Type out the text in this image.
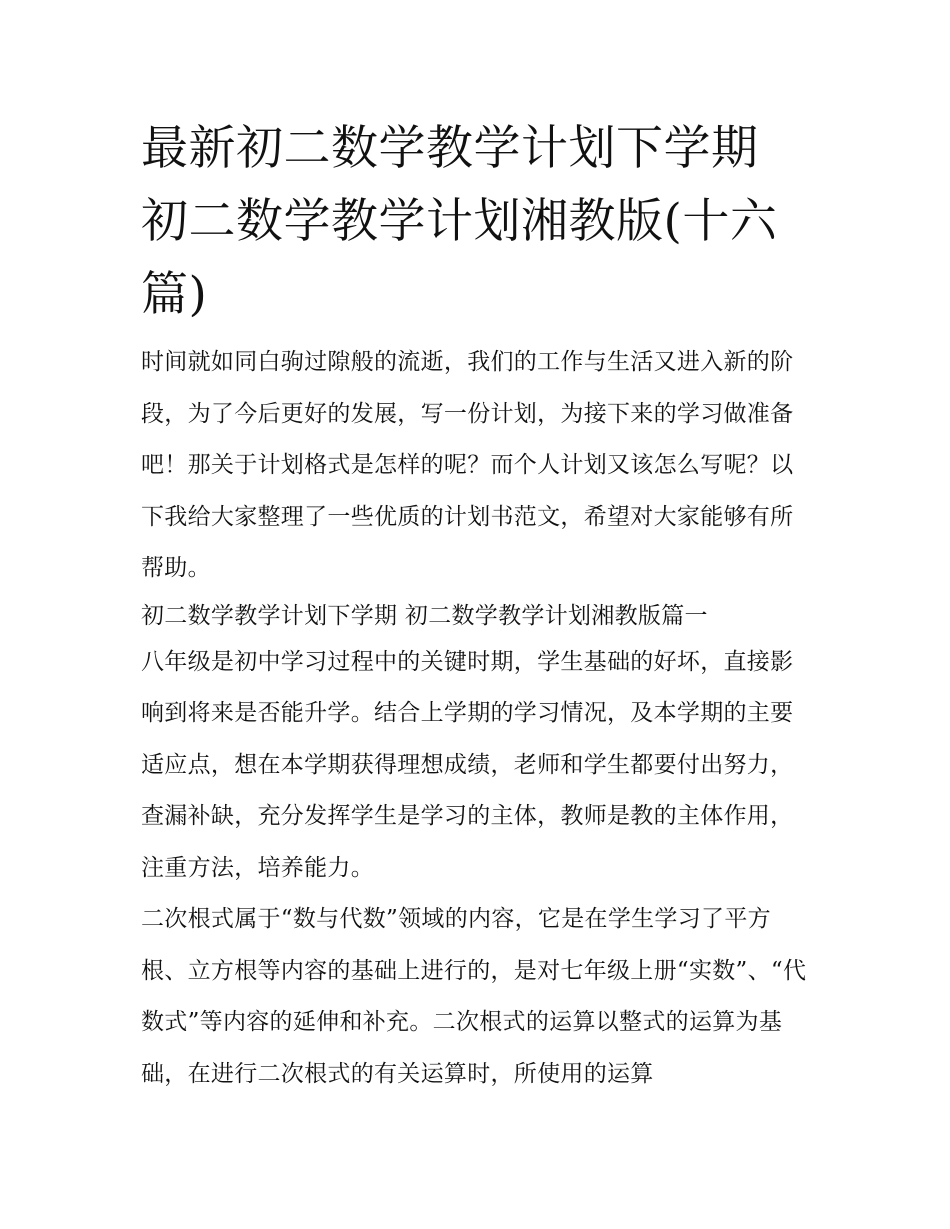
最新初二数学教学计划下学期 初二数学教学计划湘教版(十六篇)

时间就如同白驹过隙般的流逝，我们的工作与生活又进入新的阶段，为了今后更好的发展，写一份计划，为接下来的学习做准备吧！那关于计划格式是怎样的呢？而个人计划又该怎么写呢？以下我给大家整理了一些优质的计划书范文，希望对大家能够有所帮助。

初二数学教学计划下学期 初二数学教学计划湘教版篇一

八年级是初中学习过程中的关键时期，学生基础的好坏，直接影响到将来是否能升学。结合上学期的学习情况，及本学期的主要适应点，想在本学期获得理想成绩，老师和学生都要付出努力，查漏补缺，充分发挥学生是学习的主体，教师是教的主体作用，注重方法，培养能力。

二次根式属于“数与代数”领域的内容，它是在学生学习了平方根、立方根等内容的基础上进行的，是对七年级上册“实数”、“代数式”等内容的延伸和补充。二次根式的运算以整式的运算为基础，在进行二次根式的有关运算时，所使用的运算
